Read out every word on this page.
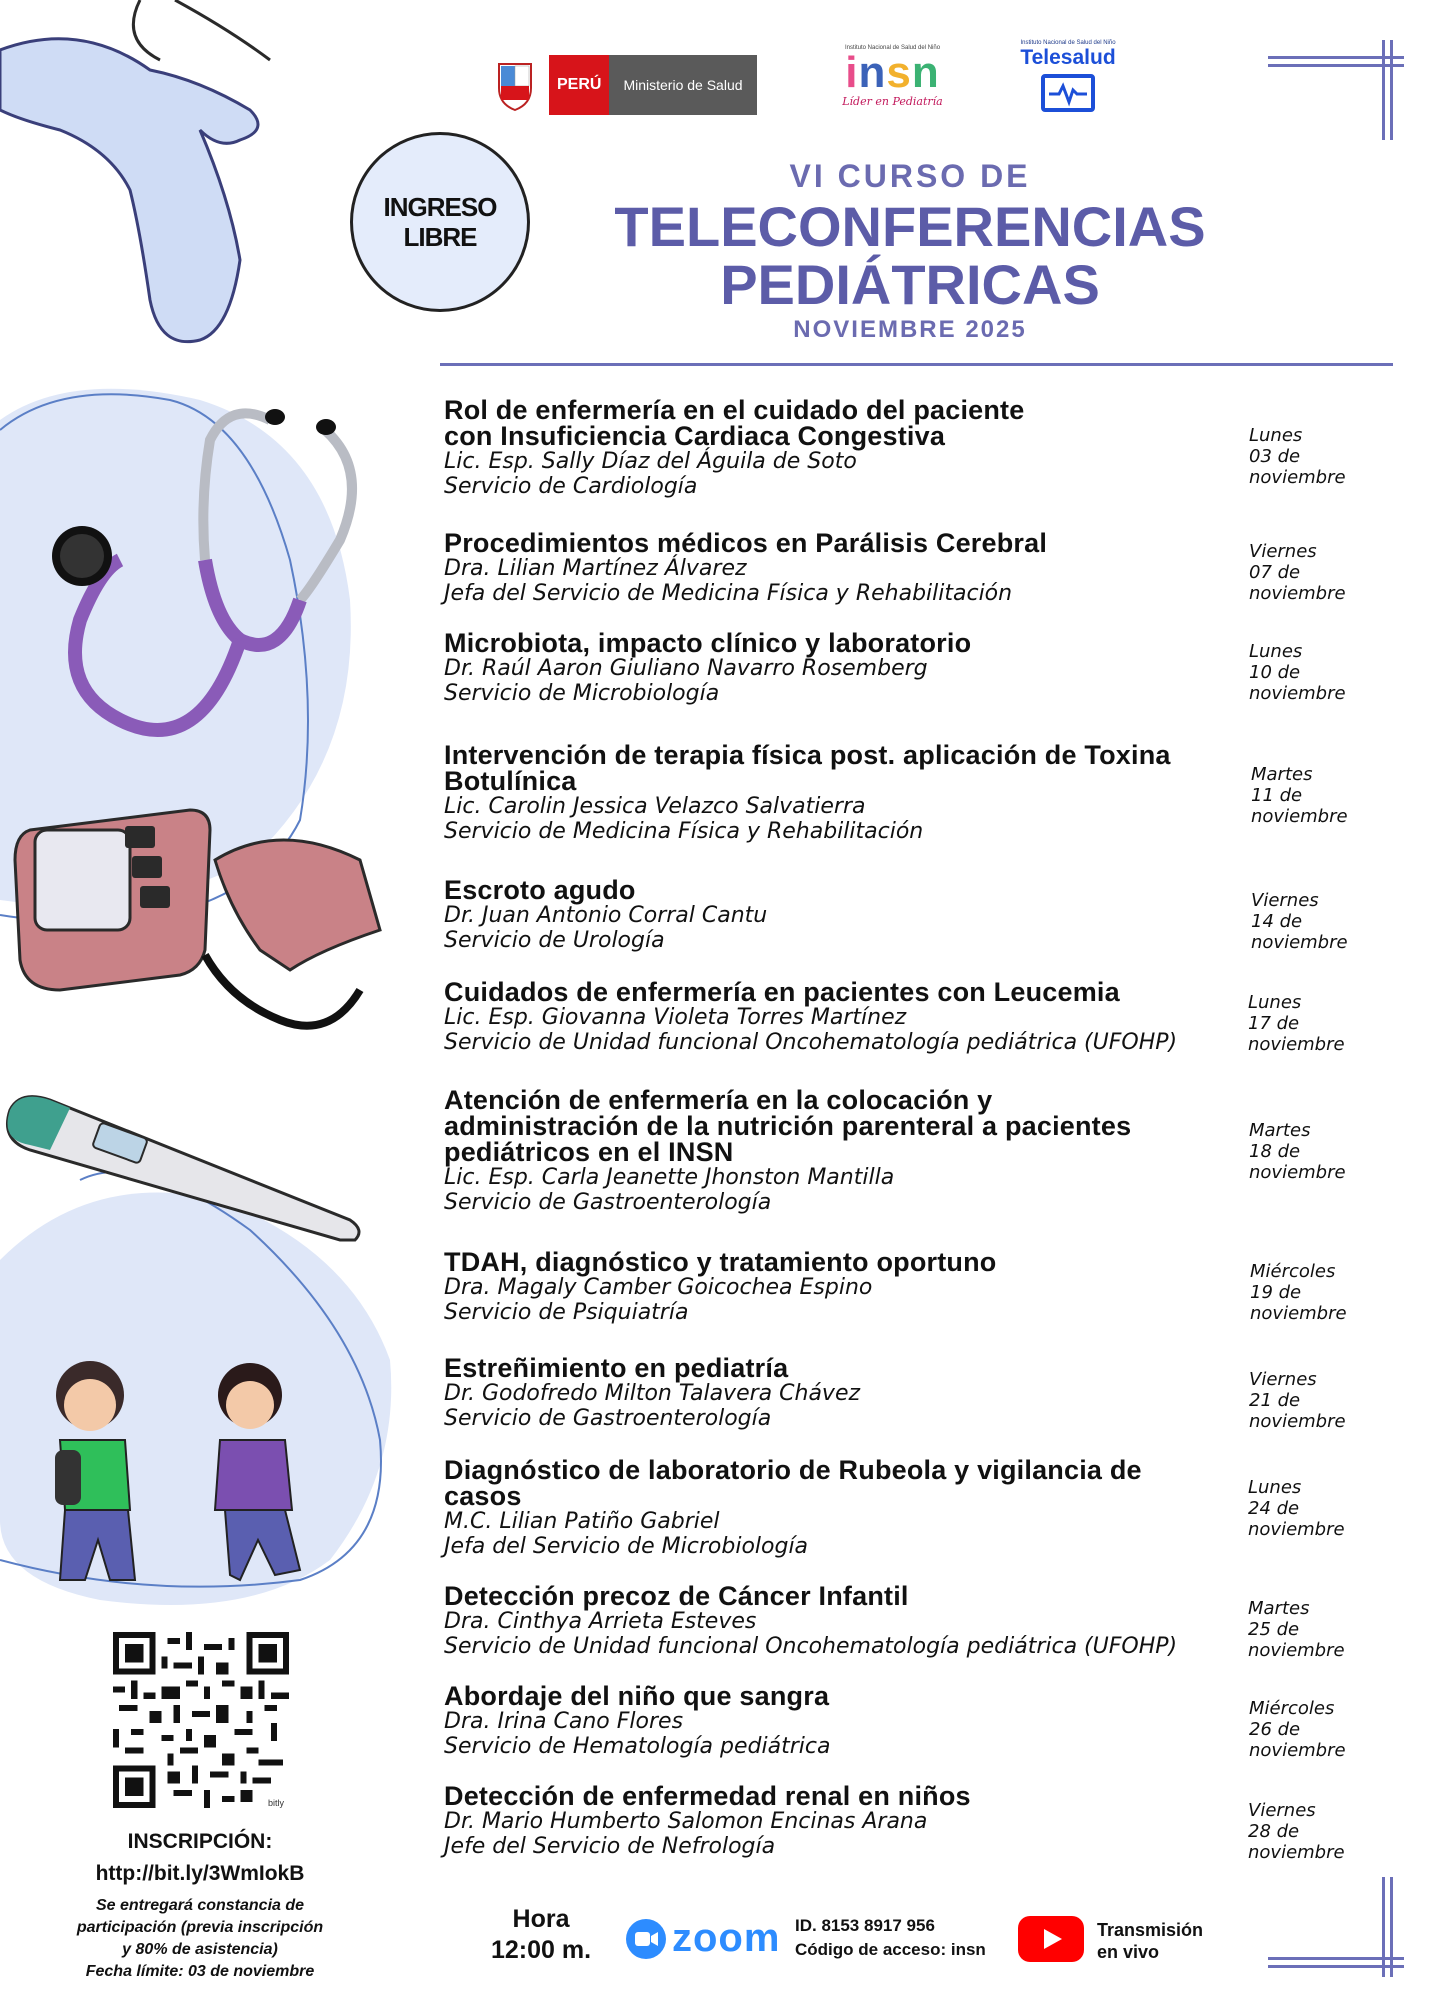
PERÚ	Ministerio de Salud
Instituto Nacional de Salud del Niño
insn
Líder en Pediatría
Instituto Nacional de Salud del Niño
Telesalud
INGRESO
LIBRE
VI CURSO DE
TELECONFERENCIAS
PEDIÁTRICAS
NOVIEMBRE 2025
Rol de enfermería en el cuidado del paciente
con Insuficiencia Cardiaca Congestiva
Lic. Esp. Sally Díaz del Águila de Soto
Servicio de Cardiología
Lunes
03 de
noviembre
Procedimientos médicos en Parálisis Cerebral
Dra. Lilian Martínez Álvarez
Jefa del Servicio de Medicina Física y Rehabilitación
Viernes
07 de
noviembre
Microbiota, impacto clínico y laboratorio
Dr. Raúl Aaron Giuliano Navarro Rosemberg
Servicio de Microbiología
Lunes
10 de
noviembre
Intervención de terapia física post. aplicación de Toxina
Botulínica
Lic. Carolin Jessica Velazco Salvatierra
Servicio de Medicina Física y Rehabilitación
Martes
11 de
noviembre
Escroto agudo
Dr. Juan Antonio Corral Cantu
Servicio de Urología
Viernes
14 de
noviembre
Cuidados de enfermería en pacientes con Leucemia
Lic. Esp. Giovanna Violeta Torres Martínez
Servicio de Unidad funcional Oncohematología pediátrica (UFOHP)
Lunes
17 de
noviembre
Atención de enfermería en la colocación y
administración de la nutrición parenteral a pacientes
pediátricos en el INSN
Lic. Esp. Carla Jeanette Jhonston Mantilla
Servicio de Gastroenterología
Martes
18 de
noviembre
TDAH, diagnóstico y tratamiento oportuno
Dra. Magaly Camber Goicochea Espino
Servicio de Psiquiatría
Miércoles
19 de
noviembre
Estreñimiento en pediatría
Dr. Godofredo Milton Talavera Chávez
Servicio de Gastroenterología
Viernes
21 de
noviembre
Diagnóstico de laboratorio de Rubeola y vigilancia de
casos
M.C. Lilian Patiño Gabriel
Jefa del Servicio de Microbiología
Lunes
24 de
noviembre
Detección precoz de Cáncer Infantil
Dra. Cinthya Arrieta Esteves
Servicio de Unidad funcional Oncohematología pediátrica (UFOHP)
Martes
25 de
noviembre
Abordaje del niño que sangra
Dra. Irina Cano Flores
Servicio de Hematología pediátrica
Miércoles
26 de
noviembre
Detección de enfermedad renal en niños
Dr. Mario Humberto Salomon Encinas Arana
Jefe del Servicio de Nefrología
Viernes
28 de
noviembre
bitly
INSCRIPCIÓN:
http://bit.ly/3WmIokB
Se entregará constancia de
participación (previa inscripción
y 80% de asistencia)
Fecha límite: 03 de noviembre
Hora
12:00 m.	zoom ID. 8153 8917 956
Código de acceso: insn
Transmisión
en vivo
